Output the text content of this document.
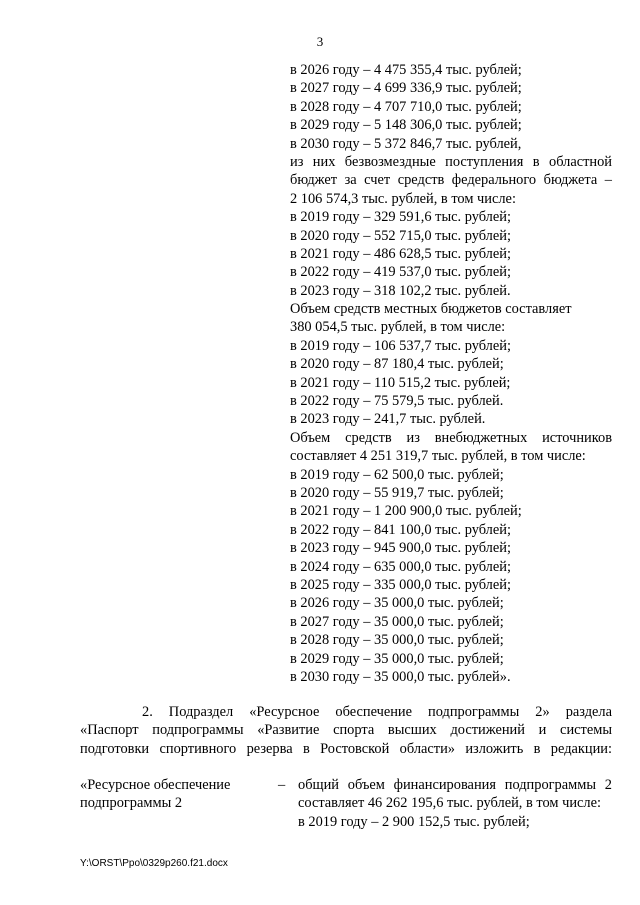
3
в 2026 году – 4 475 355,4 тыс. рублей;
в 2027 году – 4 699 336,9 тыс. рублей;
в 2028 году – 4 707 710,0 тыс. рублей;
в 2029 году – 5 148 306,0 тыс. рублей;
в 2030 году – 5 372 846,7 тыс. рублей,
из них безвозмездные поступления в областной
бюджет за счет средств федерального бюджета –
2 106 574,3 тыс. рублей, в том числе:
в 2019 году – 329 591,6 тыс. рублей;
в 2020 году – 552 715,0 тыс. рублей;
в 2021 году – 486 628,5 тыс. рублей;
в 2022 году – 419 537,0 тыс. рублей;
в 2023 году – 318 102,2 тыс. рублей.
Объем средств местных бюджетов составляет
380 054,5 тыс. рублей, в том числе:
в 2019 году – 106 537,7 тыс. рублей;
в 2020 году – 87 180,4 тыс. рублей;
в 2021 году – 110 515,2 тыс. рублей;
в 2022 году – 75 579,5 тыс. рублей.
в 2023 году – 241,7 тыс. рублей.
Объем средств из внебюджетных источников
составляет 4 251 319,7 тыс. рублей, в том числе:
в 2019 году – 62 500,0 тыс. рублей;
в 2020 году – 55 919,7 тыс. рублей;
в 2021 году – 1 200 900,0 тыс. рублей;
в 2022 году – 841 100,0 тыс. рублей;
в 2023 году – 945 900,0 тыс. рублей;
в 2024 году – 635 000,0 тыс. рублей;
в 2025 году – 335 000,0 тыс. рублей;
в 2026 году – 35 000,0 тыс. рублей;
в 2027 году – 35 000,0 тыс. рублей;
в 2028 году – 35 000,0 тыс. рублей;
в 2029 году – 35 000,0 тыс. рублей;
в 2030 году – 35 000,0 тыс. рублей».
2. Подраздел «Ресурсное обеспечение подпрограммы 2» раздела
«Паспорт подпрограммы «Развитие спорта высших достижений и системы
подготовки спортивного резерва в Ростовской области» изложить в редакции:
«Ресурсное обеспечение
подпрограммы 2
– общий объем финансирования подпрограммы 2
составляет 46 262 195,6 тыс. рублей, в том числе:
в 2019 году – 2 900 152,5 тыс. рублей;
Y:\ORST\Ppo\0329p260.f21.docx
